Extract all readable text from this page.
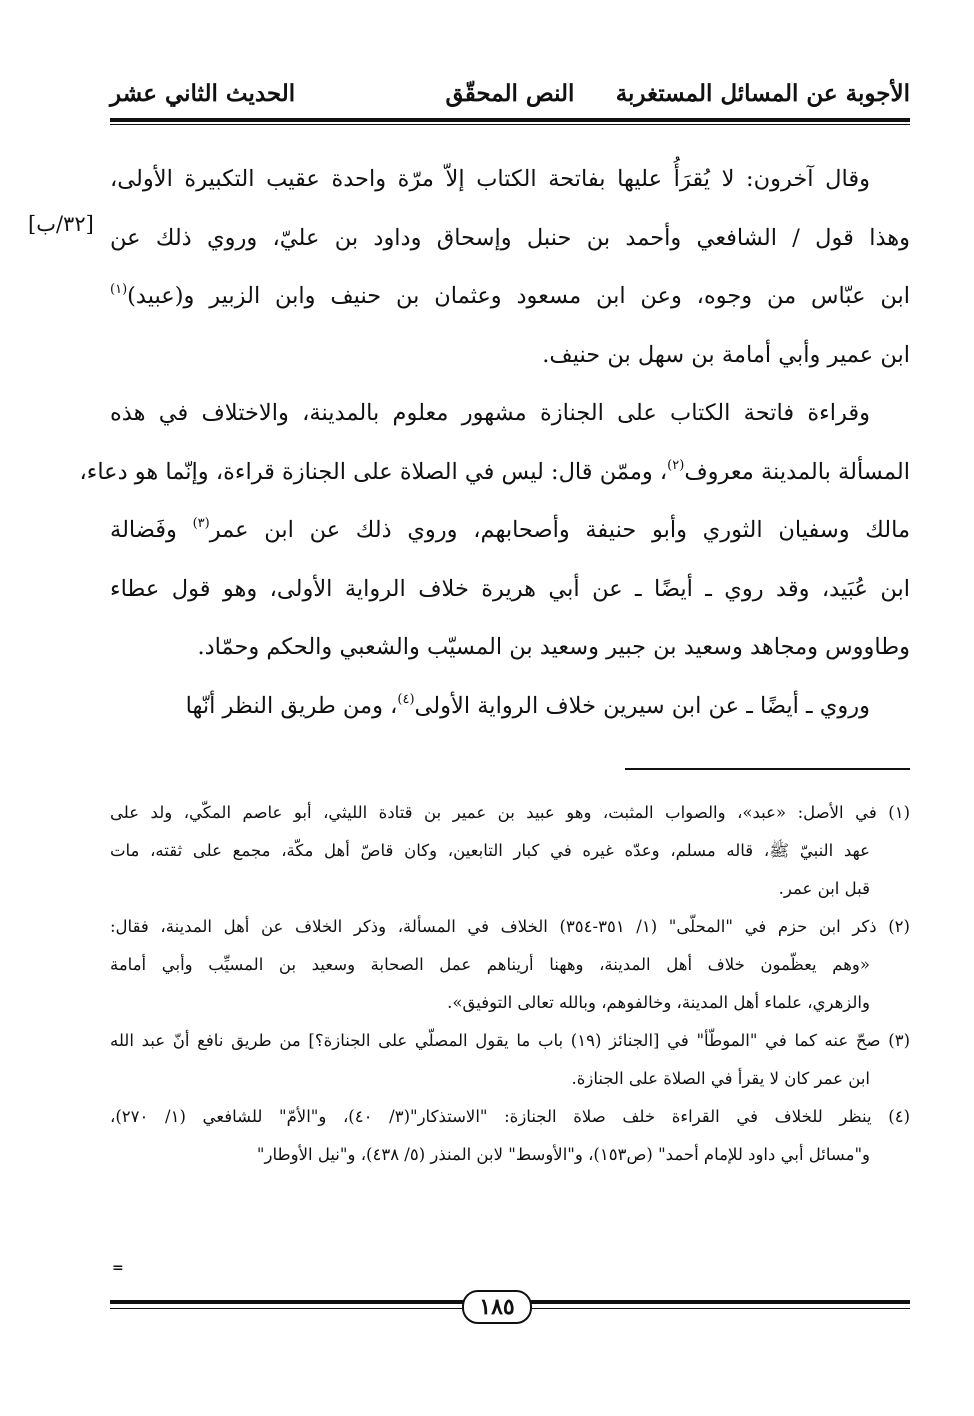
الأجوبة عن المسائل المستغربة
النص المحقّق
الحديث الثاني عشر
[٣٢/ب]
وقال آخرون: لا يُقرَأُ عليها بفاتحة الكتاب إلاّ مرّة واحدة عقيب التكبيرة الأولى،
وهذا قول / الشافعي وأحمد بن حنبل وإسحاق وداود بن عليّ، وروي ذلك عن
ابن عبّاس من وجوه، وعن ابن مسعود وعثمان بن حنيف وابن الزبير و(عبيد)$^{(١)}$
ابن عمير وأبي أمامة بن سهل بن حنيف.
وقراءة فاتحة الكتاب على الجنازة مشهور معلوم بالمدينة، والاختلاف في هذه
المسألة بالمدينة معروف$^{(٢)}$، وممّن قال: ليس في الصلاة على الجنازة قراءة، وإنّما هو دعاء،
مالك وسفيان الثوري وأبو حنيفة وأصحابهم، وروي ذلك عن ابن عمر$^{(٣)}$ وفَضالة
ابن عُبَيد، وقد روي ـ أيضًا ـ عن أبي هريرة خلاف الرواية الأولى، وهو قول عطاء
وطاووس ومجاهد وسعيد بن جبير وسعيد بن المسيّب والشعبي والحكم وحمّاد.
وروي ـ أيضًا ـ عن ابن سيرين خلاف الرواية الأولى$^{(٤)}$، ومن طريق النظر أنّها
(١) في الأصل: «عبد»، والصواب المثبت، وهو عبيد بن عمير بن قتادة الليثي، أبو عاصم المكّي، ولد على
عهد النبيّ ﷺ، قاله مسلم، وعدّه غيره في كبار التابعين، وكان قاصّ أهل مكّة، مجمع على ثقته، مات
قبل ابن عمر.
(٢) ذكر ابن حزم في "المحلّى" (١/ ٣٥١-٣٥٤) الخلاف في المسألة، وذكر الخلاف عن أهل المدينة، فقال:
«وهم يعظّمون خلاف أهل المدينة، وههنا أريناهم عمل الصحابة وسعيد بن المسيِّب وأبي أمامة
والزهري، علماء أهل المدينة، وخالفوهم، وبالله تعالى التوفيق».
(٣) صحّ عنه كما في "الموطّأ" في [الجنائز (١٩) باب ما يقول المصلّي على الجنازة؟] من طريق نافع أنّ عبد الله
ابن عمر كان لا يقرأ في الصلاة على الجنازة.
(٤) ينظر للخلاف في القراءة خلف صلاة الجنازة: "الاستذكار"(٣/ ٤٠)، و"الأمّ" للشافعي (١/ ٢٧٠)،
و"مسائل أبي داود للإمام أحمد" (ص١٥٣)، و"الأوسط" لابن المنذر (٥/ ٤٣٨)، و"نيل الأوطار"
=
١٨٥
